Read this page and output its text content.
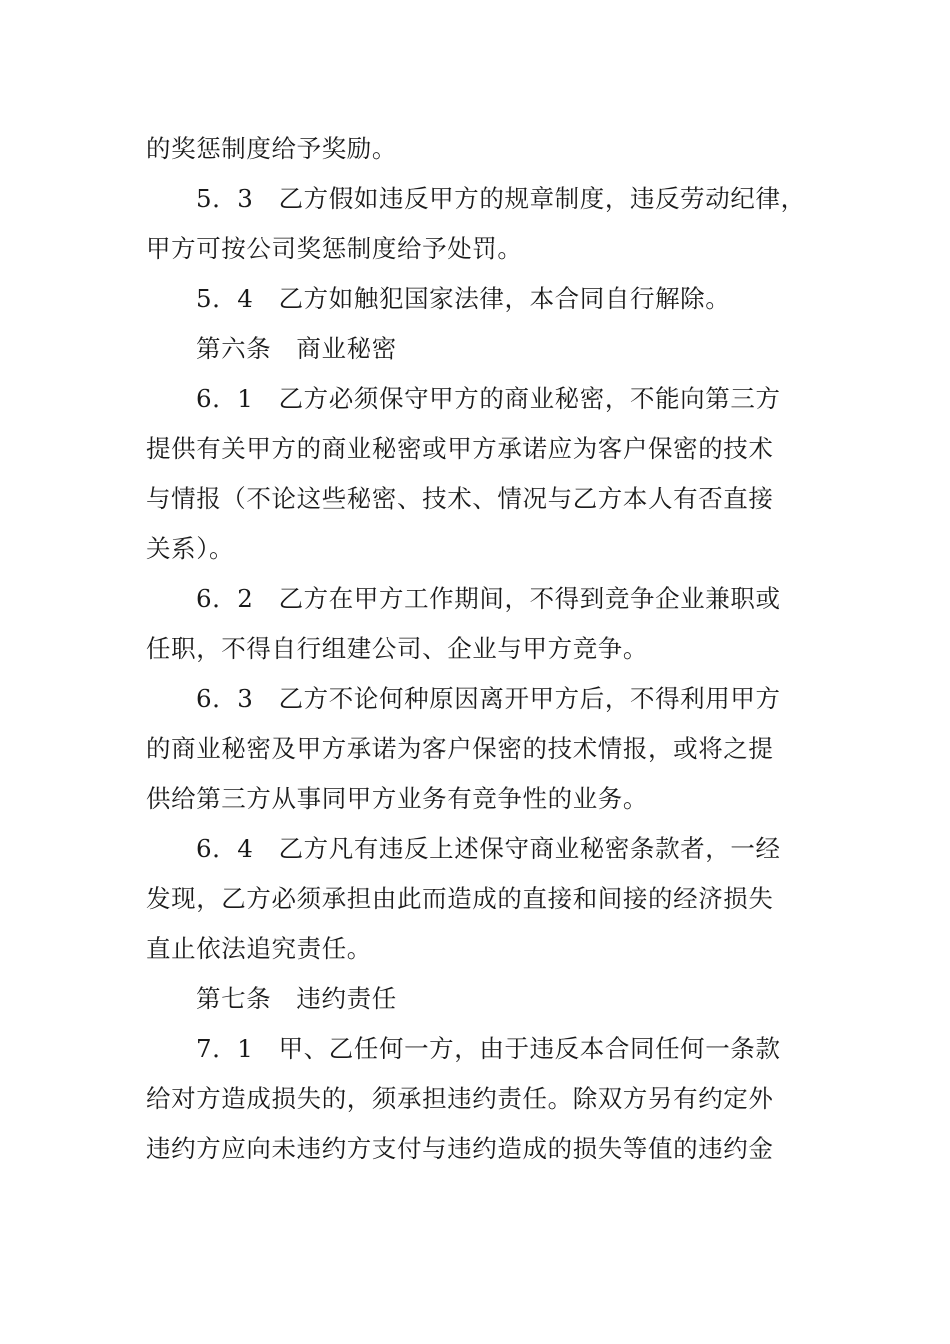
的奖惩制度给予奖励。
5．3　乙方假如违反甲方的规章制度，违反劳动纪律，
甲方可按公司奖惩制度给予处罚。
5．4　乙方如触犯国家法律，本合同自行解除。
第六条　商业秘密
6．1　乙方必须保守甲方的商业秘密，不能向第三方
提供有关甲方的商业秘密或甲方承诺应为客户保密的技术
与情报（不论这些秘密、技术、情况与乙方本人有否直接
关系）。
6．2　乙方在甲方工作期间，不得到竞争企业兼职或
任职，不得自行组建公司、企业与甲方竞争。
6．3　乙方不论何种原因离开甲方后，不得利用甲方
的商业秘密及甲方承诺为客户保密的技术情报，或将之提
供给第三方从事同甲方业务有竞争性的业务。
6．4　乙方凡有违反上述保守商业秘密条款者，一经
发现，乙方必须承担由此而造成的直接和间接的经济损失
直止依法追究责任。
第七条　违约责任
7．1　甲、乙任何一方，由于违反本合同任何一条款
给对方造成损失的，须承担违约责任。除双方另有约定外
违约方应向未违约方支付与违约造成的损失等值的违约金
